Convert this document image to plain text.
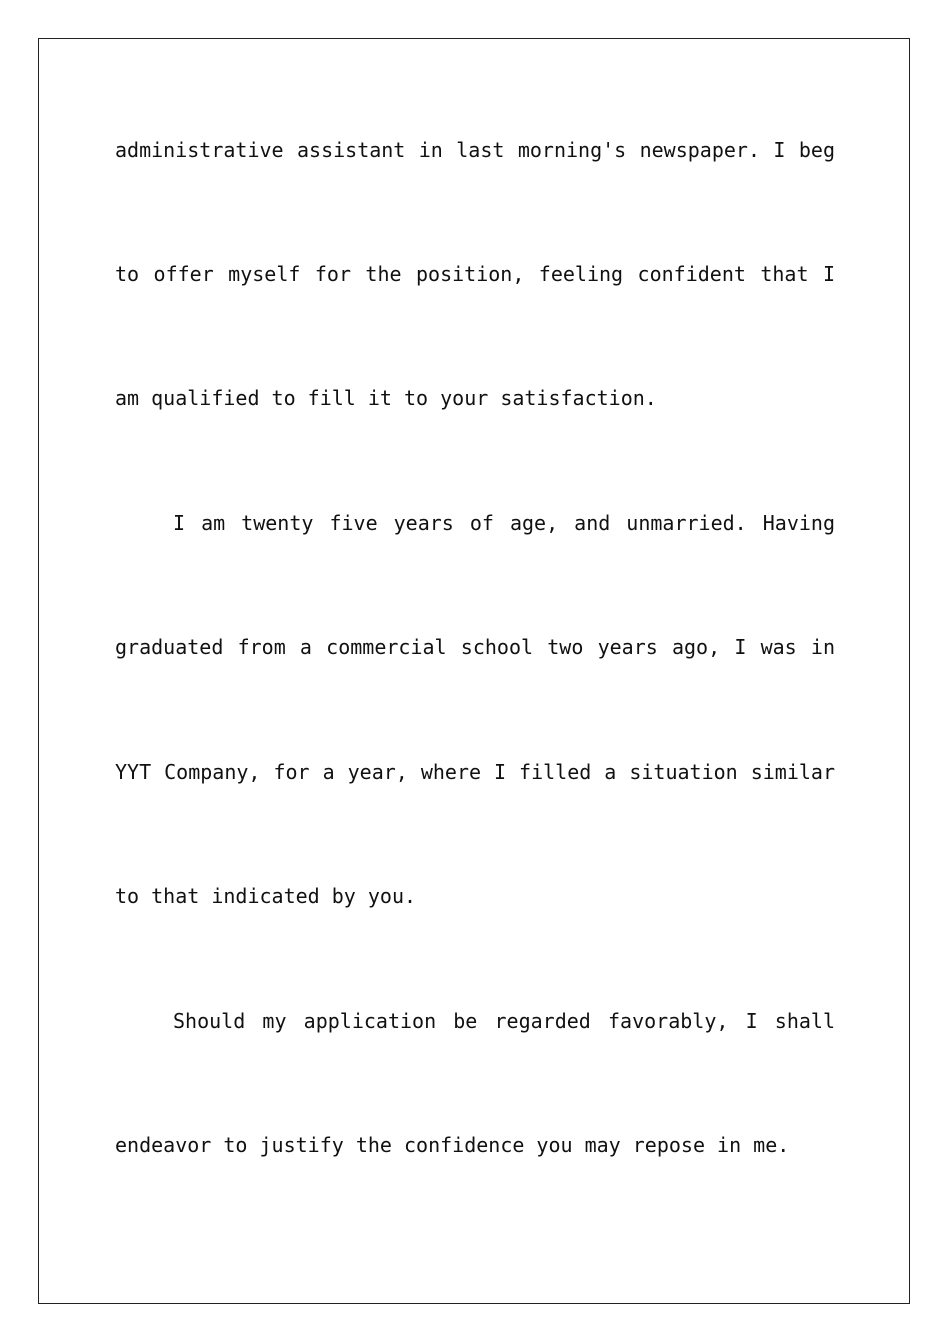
administrative assistant in last morning's newspaper. I beg
to offer myself for the position, feeling confident that I
am qualified to fill it to your satisfaction.
I am twenty five years of age, and unmarried. Having
graduated from a commercial school two years ago, I was in
YYT Company, for a year, where I filled a situation similar
to that indicated by you.
Should my application be regarded favorably, I shall
endeavor to justify the confidence you may repose in me.
